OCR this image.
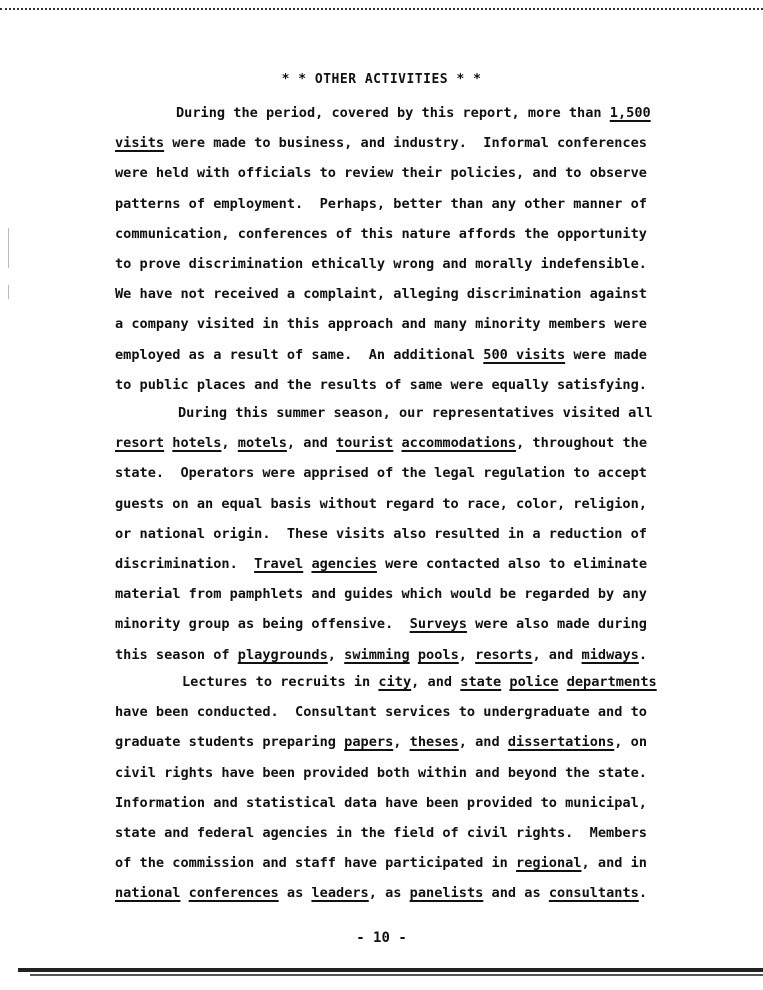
* * OTHER ACTIVITIES * *
During the period, covered by this report, more than 1,500
visits were made to business, and industry.  Informal conferences
were held with officials to review their policies, and to observe
patterns of employment.  Perhaps, better than any other manner of
communication, conferences of this nature affords the opportunity
to prove discrimination ethically wrong and morally indefensible.
We have not received a complaint, alleging discrimination against
a company visited in this approach and many minority members were
employed as a result of same.  An additional 500 visits were made
to public places and the results of same were equally satisfying.
During this summer season, our representatives visited all
resort hotels, motels, and tourist accommodations, throughout the
state.  Operators were apprised of the legal regulation to accept
guests on an equal basis without regard to race, color, religion,
or national origin.  These visits also resulted in a reduction of
discrimination.  Travel agencies were contacted also to eliminate
material from pamphlets and guides which would be regarded by any
minority group as being offensive.  Surveys were also made during
this season of playgrounds, swimming pools, resorts, and midways.
Lectures to recruits in city, and state police departments
have been conducted.  Consultant services to undergraduate and to
graduate students preparing papers, theses, and dissertations, on
civil rights have been provided both within and beyond the state.
Information and statistical data have been provided to municipal,
state and federal agencies in the field of civil rights.  Members
of the commission and staff have participated in regional, and in
national conferences as leaders, as panelists and as consultants.
- 10 -
